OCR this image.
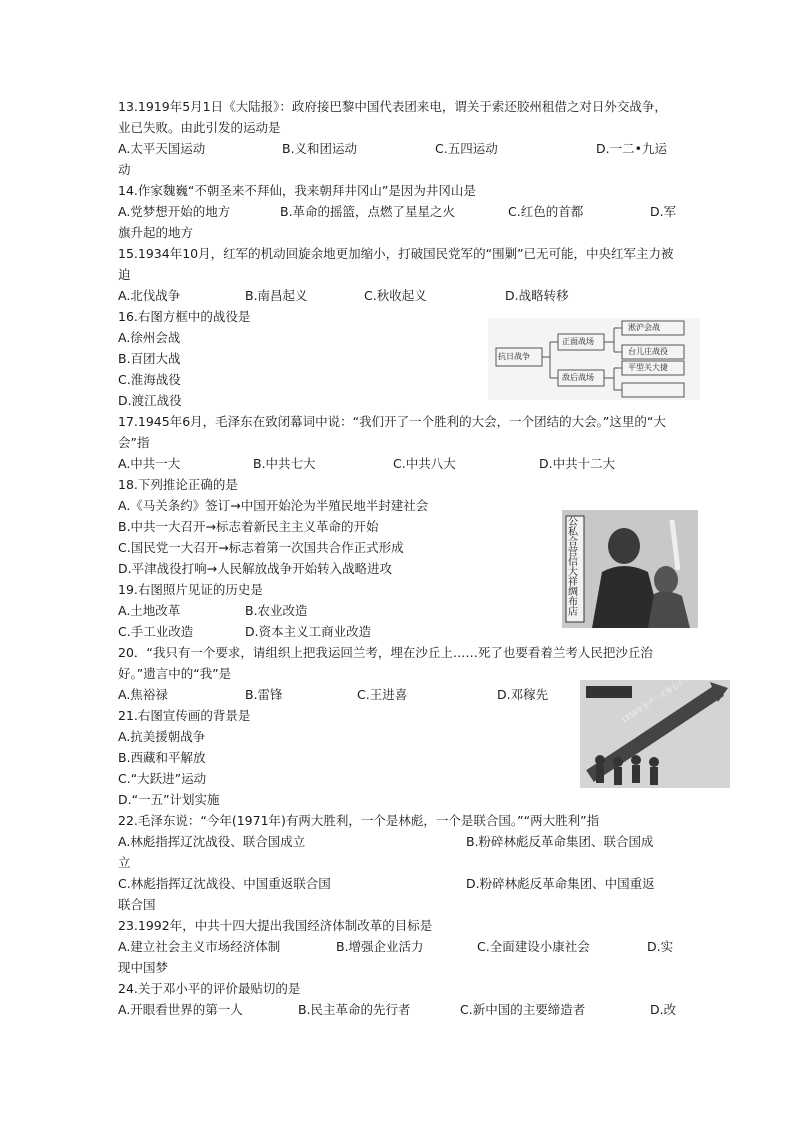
13.1919年5月1日《大陆报》：政府接巴黎中国代表团来电，谓关于索还胶州租借之对日外交战争，业已失败。由此引发的运动是
A.太平天国运动	B.义和团运动	C.五四运动	D.一二•九运
动
14.作家魏巍“不朝圣来不拜仙，我来朝拜井冈山”是因为井冈山是
A.党梦想开始的地方	B.革命的摇篮，点燃了星星之火	C.红色的首都	D.军
旗升起的地方
15.1934年10月，红军的机动回旋余地更加缩小，打破国民党军的“围剿”已无可能，中央红军主力被迫
A.北伐战争	B.南昌起义	C.秋收起义	D.战略转移
16.右图方框中的战役是
A.徐州会战
B.百团大战
C.淮海战役
D.渡江战役
抗日战争
正面战场
敌后战场
淞沪会战
台儿庄战役
平型关大捷
17.1945年6月，毛泽东在致闭幕词中说：“我们开了一个胜利的大会，一个团结的大会。”这里的“大会”指
A.中共一大	B.中共七大	C.中共八大	D.中共十二大
18.下列推论正确的是
A.《马关条约》签订→中国开始沦为半殖民地半封建社会
B.中共一大召开→标志着新民主主义革命的开始
C.国民党一大召开→标志着第一次国共合作正式形成
D.平津战役打响→人民解放战争开始转入战略进攻
公私合营信大祥绸布店
19.右图照片见证的历史是
A.土地改革	B.农业改造
C.手工业改造	D.资本主义工商业改造
20．“我只有一个要求，请组织上把我运回兰考，埋在沙丘上……死了也要看着兰考人民把沙丘治好。”遗言中的“我”是
A.焦裕禄	B.雷锋	C.王进喜	D.邓稼先
21.右图宣传画的背景是
A.抗美援朝战争
B.西藏和平解放
C.“大跃进”运动
D.“一五”计划实施
22.毛泽东说：“今年(1971年)有两大胜利，一个是林彪，一个是联合国。”“两大胜利”指
A.林彪指挥辽沈战役、联合国成立	B.粉碎林彪反革命集团、联合国成
立
C.林彪指挥辽沈战役、中国重返联合国	D.粉碎林彪反革命集团、中国重返
联合国
23.1992年，中共十四大提出我国经济体制改革的目标是
A.建立社会主义市场经济体制	B.增强企业活力	C.全面建设小康社会	D.实
现中国梦
24.关于邓小平的评价最贴切的是
A.开眼看世界的第一人	B.民主革命的先行者	C.新中国的主要缔造者	D.改
